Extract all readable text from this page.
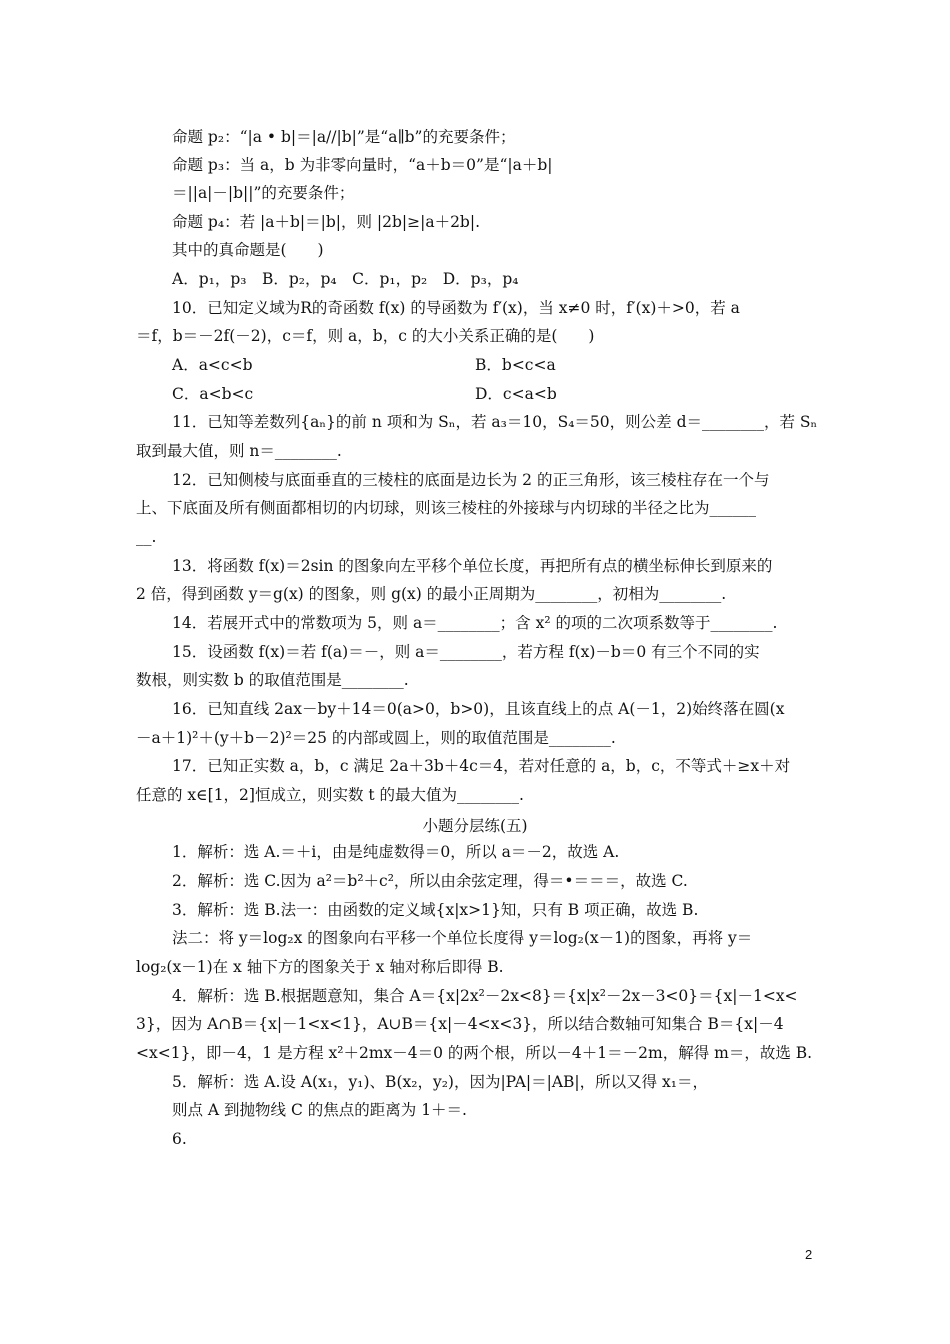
命题 p₂：“|a • b|＝|a//|b|”是“a∥b”的充要条件；
命题 p₃：当 a，b 为非零向量时，“a＋b＝0”是“|a＋b|
＝||a|－|b||”的充要条件；
命题 p₄：若 |a＋b|＝|b|，则 |2b|≥|a＋2b|.
其中的真命题是(　　)
A．p₁，p₃　B．p₂，p₄　C．p₁，p₂　D．p₃，p₄
10．已知定义域为R的奇函数 f(x) 的导函数为 f′(x)，当 x≠0 时，f′(x)＋>0，若 a
＝f，b＝－2f(－2)，c＝f，则 a，b，c 的大小关系正确的是(　　)
A．a<c<b	B．b<c<a
C．a<b<c	D．c<a<b
11．已知等差数列{aₙ}的前 n 项和为 Sₙ，若 a₃＝10，S₄＝50，则公差 d＝________，若 Sₙ
取到最大值，则 n＝________.
12．已知侧棱与底面垂直的三棱柱的底面是边长为 2 的正三角形，该三棱柱存在一个与
上、下底面及所有侧面都相切的内切球，则该三棱柱的外接球与内切球的半径之比为______
__.
13．将函数 f(x)＝2sin 的图象向左平移个单位长度，再把所有点的横坐标伸长到原来的
2 倍，得到函数 y＝g(x) 的图象，则 g(x) 的最小正周期为________，初相为________.
14．若展开式中的常数项为 5，则 a＝________；含 x² 的项的二次项系数等于________.
15．设函数 f(x)＝若 f(a)＝－，则 a＝________，若方程 f(x)－b＝0 有三个不同的实
数根，则实数 b 的取值范围是________.
16．已知直线 2ax－by＋14＝0(a>0，b>0)，且该直线上的点 A(－1，2)始终落在圆(x
－a＋1)²＋(y＋b－2)²＝25 的内部或圆上，则的取值范围是________.
17．已知正实数 a，b，c 满足 2a＋3b＋4c＝4，若对任意的 a，b，c，不等式＋≥x＋对
任意的 x∈[1，2]恒成立，则实数 t 的最大值为________.
小题分层练(五)
1．解析：选 A.＝＋i，由是纯虚数得＝0，所以 a＝－2，故选 A.
2．解析：选 C.因为 a²＝b²＋c²，所以由余弦定理，得＝•＝＝＝，故选 C.
3．解析：选 B.法一：由函数的定义域{x|x>1}知，只有 B 项正确，故选 B.
法二：将 y＝log₂x 的图象向右平移一个单位长度得 y＝log₂(x－1)的图象，再将 y＝
log₂(x－1)在 x 轴下方的图象关于 x 轴对称后即得 B.
4．解析：选 B.根据题意知，集合 A＝{x|2x²－2x<8}＝{x|x²－2x－3<0}＝{x|－1<x<
3}，因为 A∩B＝{x|－1<x<1}，A∪B＝{x|－4<x<3}，所以结合数轴可知集合 B＝{x|－4
<x<1}，即－4，1 是方程 x²＋2mx－4＝0 的两个根，所以－4＋1＝－2m，解得 m＝，故选 B.
5．解析：选 A.设 A(x₁，y₁)、B(x₂，y₂)，因为|PA|＝|AB|，所以又得 x₁＝，
则点 A 到抛物线 C 的焦点的距离为 1＋＝.
6.
2
